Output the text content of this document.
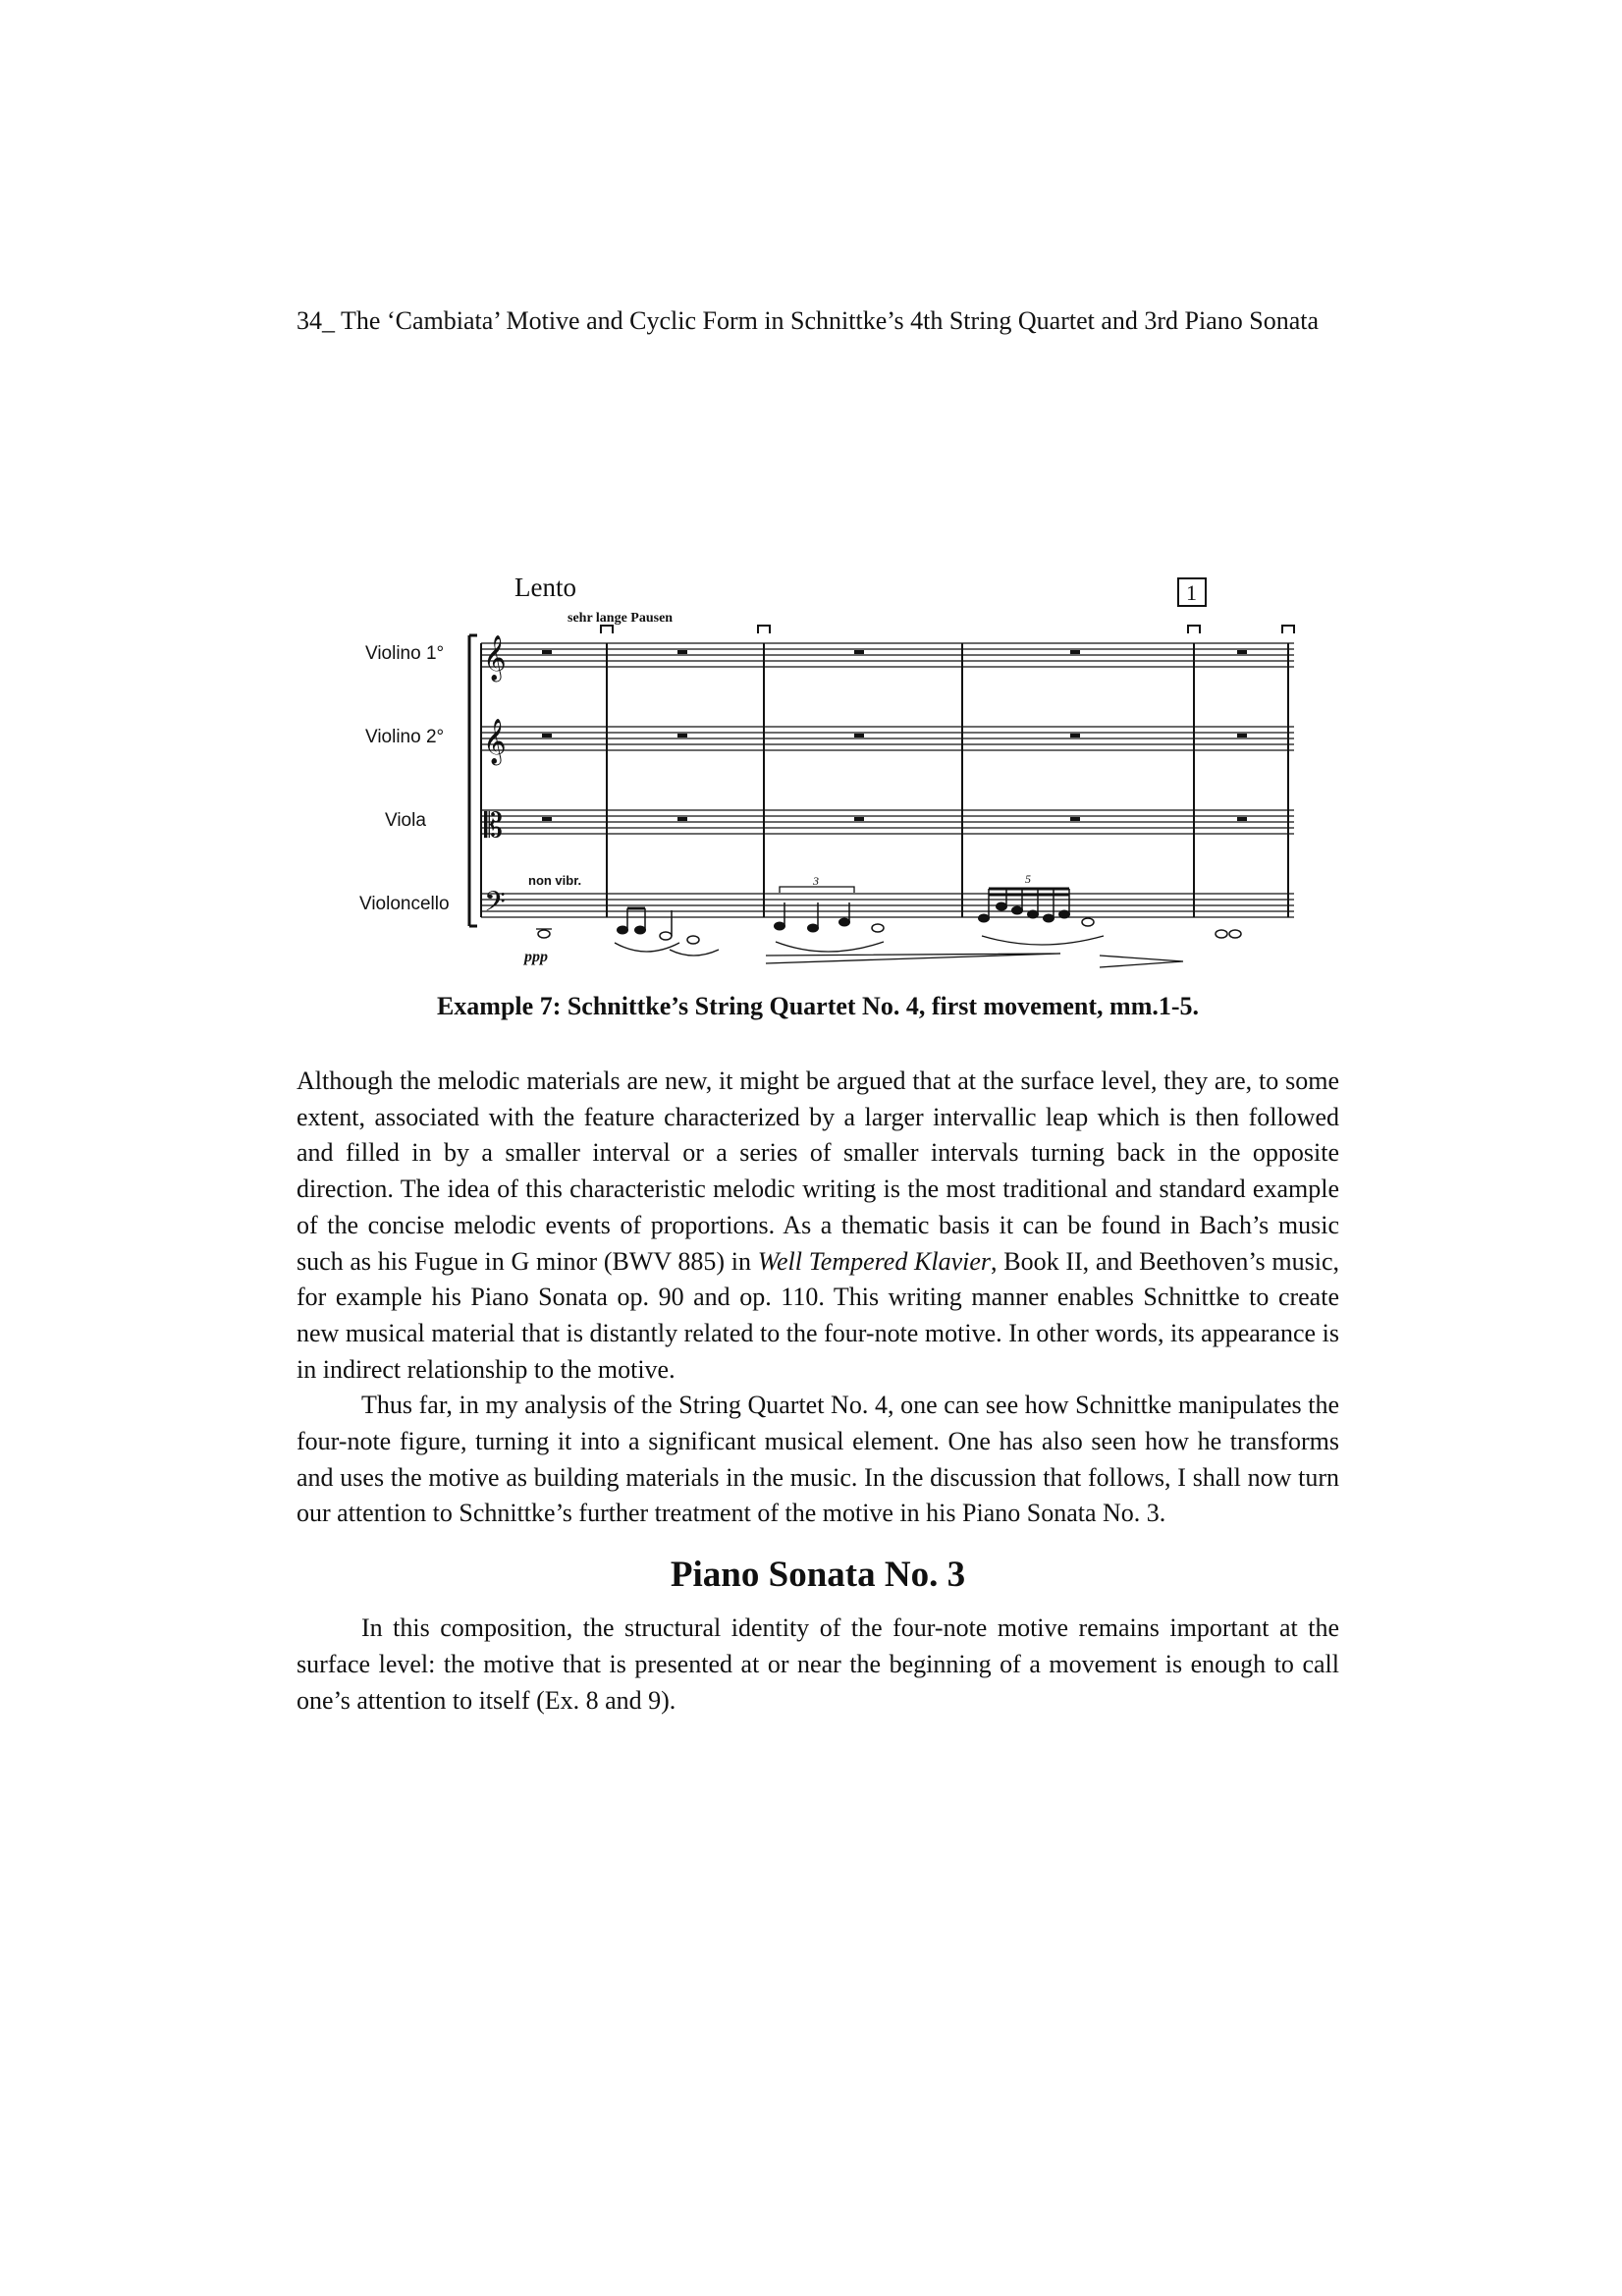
34_ The ‘Cambiata’ Motive and Cyclic Form in Schnittke’s 4th String Quartet and 3rd Piano Sonata
Lento
sehr lange Pausen
1
Violino 1°
Violino 2°
Viola
Violoncello
𝄞
𝄞
𝄡
𝄢
non vibr.
ppp
3	5
Example 7: Schnittke’s String Quartet No. 4, first movement, mm.1-5.

Although the melodic materials are new, it might be argued that at the surface level, they are, to some extent, associated with the feature characterized by a larger intervallic leap which is then followed and filled in by a smaller interval or a series of smaller intervals turning back in the opposite direction. The idea of this characteristic melodic writing is the most traditional and standard example of the concise melodic events of proportions. As a thematic basis it can be found in Bach’s music such as his Fugue in G minor (BWV 885) in Well Tempered Klavier, Book II, and Beethoven’s music, for example his Piano Sonata op. 90 and op. 110. This writing manner enables Schnittke to create new musical material that is distantly related to the four-note motive. In other words, its appearance is in indirect relationship to the motive.

Thus far, in my analysis of the String Quartet No. 4, one can see how Schnittke manipulates the four-note figure, turning it into a significant musical element. One has also seen how he transforms and uses the motive as building materials in the music. In the discussion that follows, I shall now turn our attention to Schnittke’s further treatment of the motive in his Piano Sonata No. 3.

Piano Sonata No. 3

In this composition, the structural identity of the four-note motive remains important at the surface level: the motive that is presented at or near the beginning of a movement is enough to call one’s attention to itself (Ex. 8 and 9).
